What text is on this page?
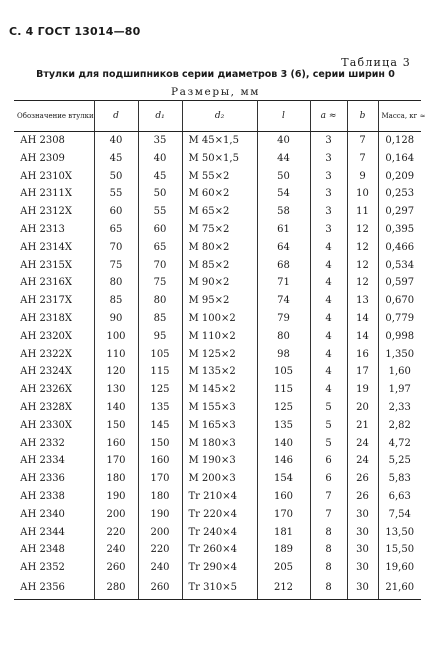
С. 4 ГОСТ 13014—80
Таблица 3
Втулки для подшипников серии диаметров 3 (6), серии ширин 0
Размеры, мм
Обозначение втулки	d	d₁	d₂	l	a ≈	b	Масса, кг ≈
АН 2308	40	35	М 45×1,5	40	3	7	0,128
АН 2309	45	40	М 50×1,5	44	3	7	0,164
АН 2310Х	50	45	М 55×2	50	3	9	0,209
АН 2311Х	55	50	М 60×2	54	3	10	0,253
АН 2312Х	60	55	М 65×2	58	3	11	0,297
АН 2313	65	60	М 75×2	61	3	12	0,395
АН 2314Х	70	65	М 80×2	64	4	12	0,466
АН 2315Х	75	70	М 85×2	68	4	12	0,534
АН 2316Х	80	75	М 90×2	71	4	12	0,597
АН 2317Х	85	80	М 95×2	74	4	13	0,670
АН 2318Х	90	85	М 100×2	79	4	14	0,779
АН 2320Х	100	95	М 110×2	80	4	14	0,998
АН 2322Х	110	105	М 125×2	98	4	16	1,350
АН 2324Х	120	115	М 135×2	105	4	17	1,60
АН 2326Х	130	125	М 145×2	115	4	19	1,97
АН 2328Х	140	135	М 155×3	125	5	20	2,33
АН 2330Х	150	145	М 165×3	135	5	21	2,82
АН 2332	160	150	М 180×3	140	5	24	4,72
АН 2334	170	160	М 190×3	146	6	24	5,25
АН 2336	180	170	М 200×3	154	6	26	5,83
АН 2338	190	180	Tr 210×4	160	7	26	6,63
АН 2340	200	190	Tr 220×4	170	7	30	7,54
АН 2344	220	200	Tr 240×4	181	8	30	13,50
АН 2348	240	220	Tr 260×4	189	8	30	15,50
АН 2352	260	240	Tr 290×4	205	8	30	19,60
АН 2356	280	260	Tr 310×5	212	8	30	21,60
